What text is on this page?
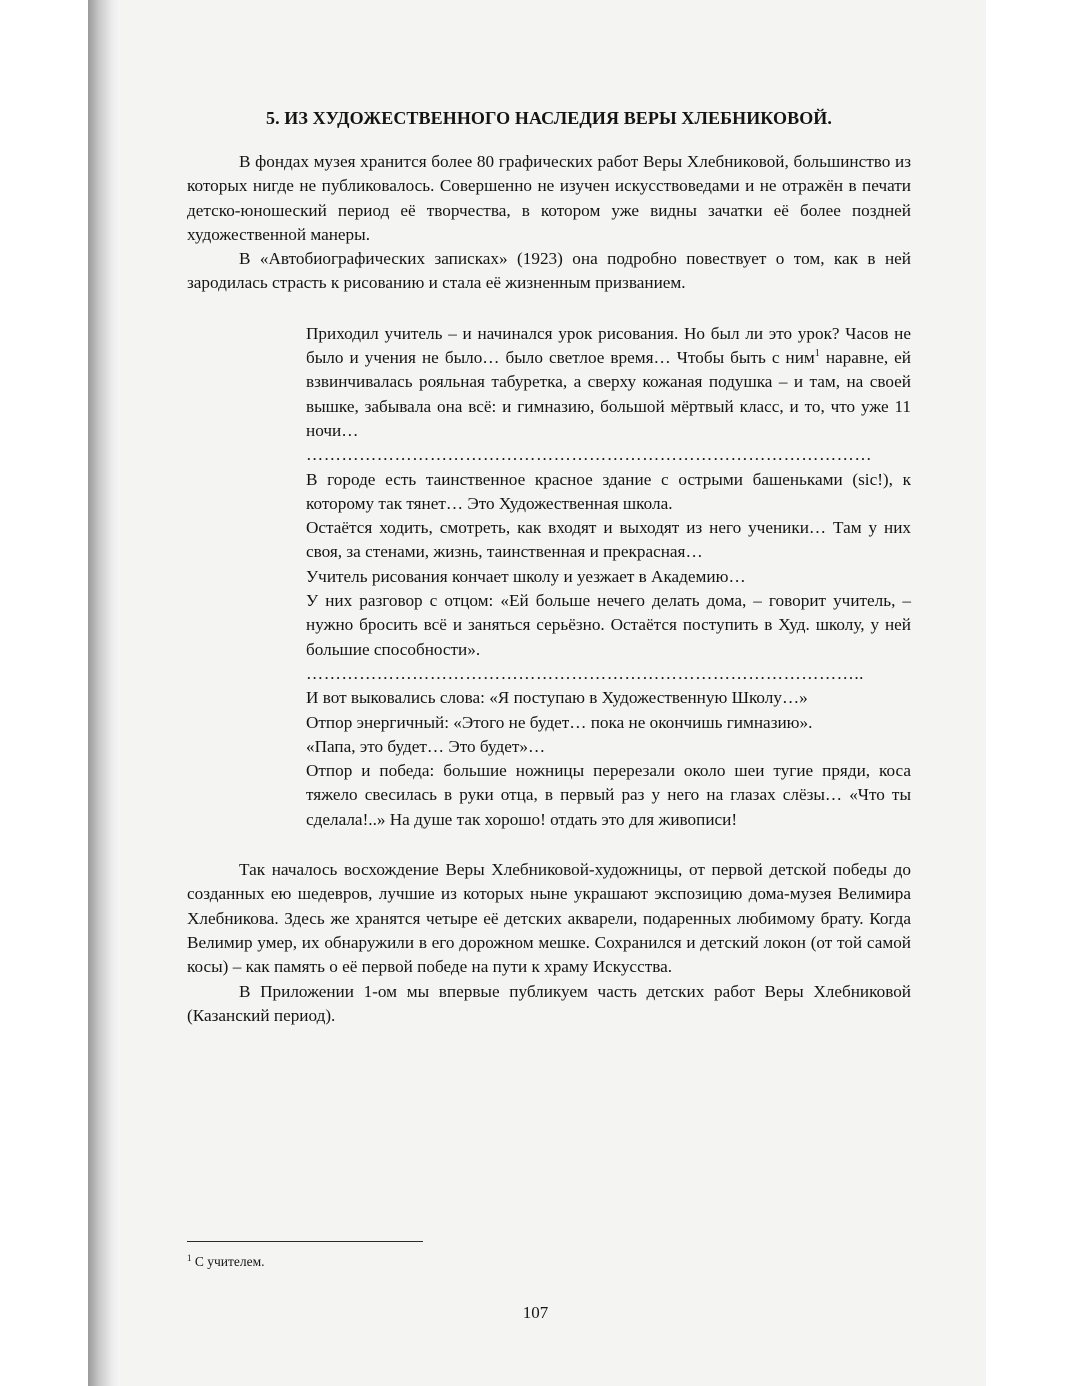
5. ИЗ ХУДОЖЕСТВЕННОГО НАСЛЕДИЯ ВЕРЫ ХЛЕБНИКОВОЙ.

В фондах музея хранится более 80 графических работ Веры Хлебниковой, большинство из которых нигде не публиковалось. Совершенно не изучен искусствоведами и не отражён в печати детско-юношеский период её творчества, в котором уже видны зачатки её более поздней художественной манеры.

В «Автобиографических записках» (1923) она подробно повествует о том, как в ней зародилась страсть к рисованию и стала её жизненным призванием.

Приходил учитель – и начинался урок рисования. Но был ли это урок? Часов не было и учения не было… было светлое время… Чтобы быть с ним$^1$ наравне, ей взвинчивалась рояльная табуретка, а сверху кожаная подушка – и там, на своей вышке, забывала она всё: и гимназию, большой мёртвый класс, и то, что уже 11 ночи…

……………………………………………………………………………………

В городе есть таинственное красное здание с острыми башеньками (sic!), к которому так тянет… Это Художественная школа.

Остаётся ходить, смотреть, как входят и выходят из него ученики… Там у них своя, за стенами, жизнь, таинственная и прекрасная…

Учитель рисования кончает школу и уезжает в Академию…

У них разговор с отцом: «Ей больше нечего делать дома, – говорит учитель, – нужно бросить всё и заняться серьёзно. Остаётся поступить в Худ. школу, у ней большие способности».

…………………………………………………………………………………..

И вот выковались слова: «Я поступаю в Художественную Школу…»

Отпор энергичный: «Этого не будет… пока не окончишь гимназию».

«Папа, это будет… Это будет»…

Отпор и победа: большие ножницы перерезали около шеи тугие пряди, коса тяжело свесилась в руки отца, в первый раз у него на глазах слёзы… «Что ты сделала!..» На душе так хорошо! отдать это для живописи!

Так началось восхождение Веры Хлебниковой-художницы, от первой детской победы до созданных ею шедевров, лучшие из которых ныне украшают экспозицию дома-музея Велимира Хлебникова. Здесь же хранятся четыре её детских акварели, подаренных любимому брату. Когда Велимир умер, их обнаружили в его дорожном мешке. Сохранился и детский локон (от той самой косы) – как память о её первой победе на пути к храму Искусства.

В Приложении 1-ом мы впервые публикуем часть детских работ Веры Хлебниковой (Казанский период).

$^1$ С учителем.
107
